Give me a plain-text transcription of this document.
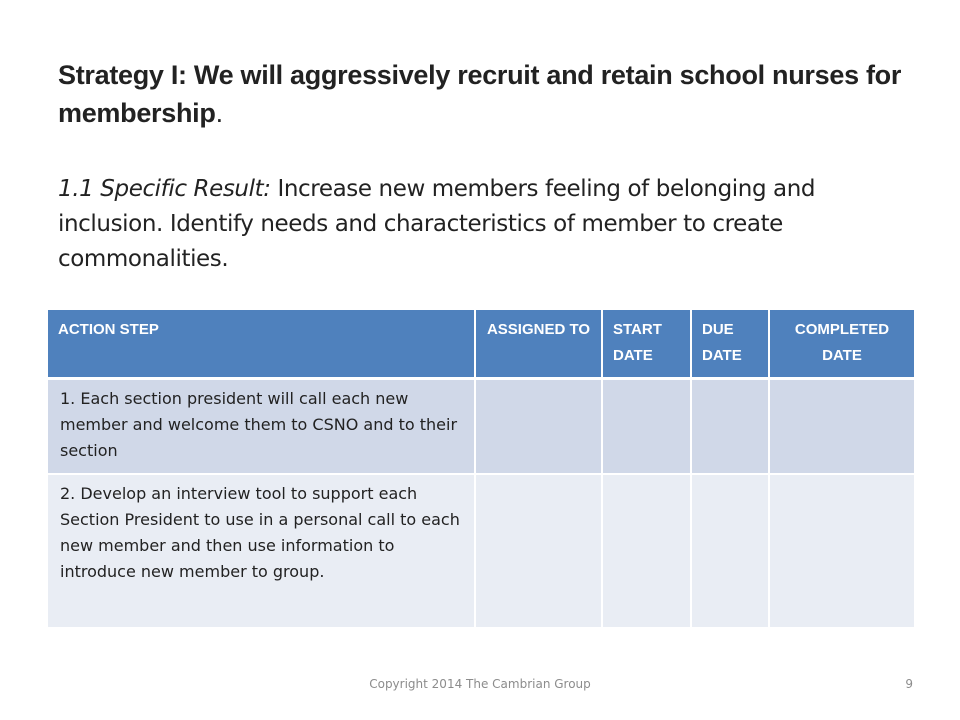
Strategy I: We will aggressively recruit and retain school nurses for membership.

1.1 Specific Result: Increase new members feeling of belonging and inclusion. Identify needs and characteristics of member to create commonalities.

ACTION STEP	ASSIGNED TO	START DATE	DUE DATE	COMPLETED DATE
1. Each section president will call each new member and welcome them to CSNO and to their section				
2. Develop an interview tool to support each Section President to use in a personal call to each new member and then use information to introduce new member to group.				
Copyright 2014 The Cambrian Group	9
